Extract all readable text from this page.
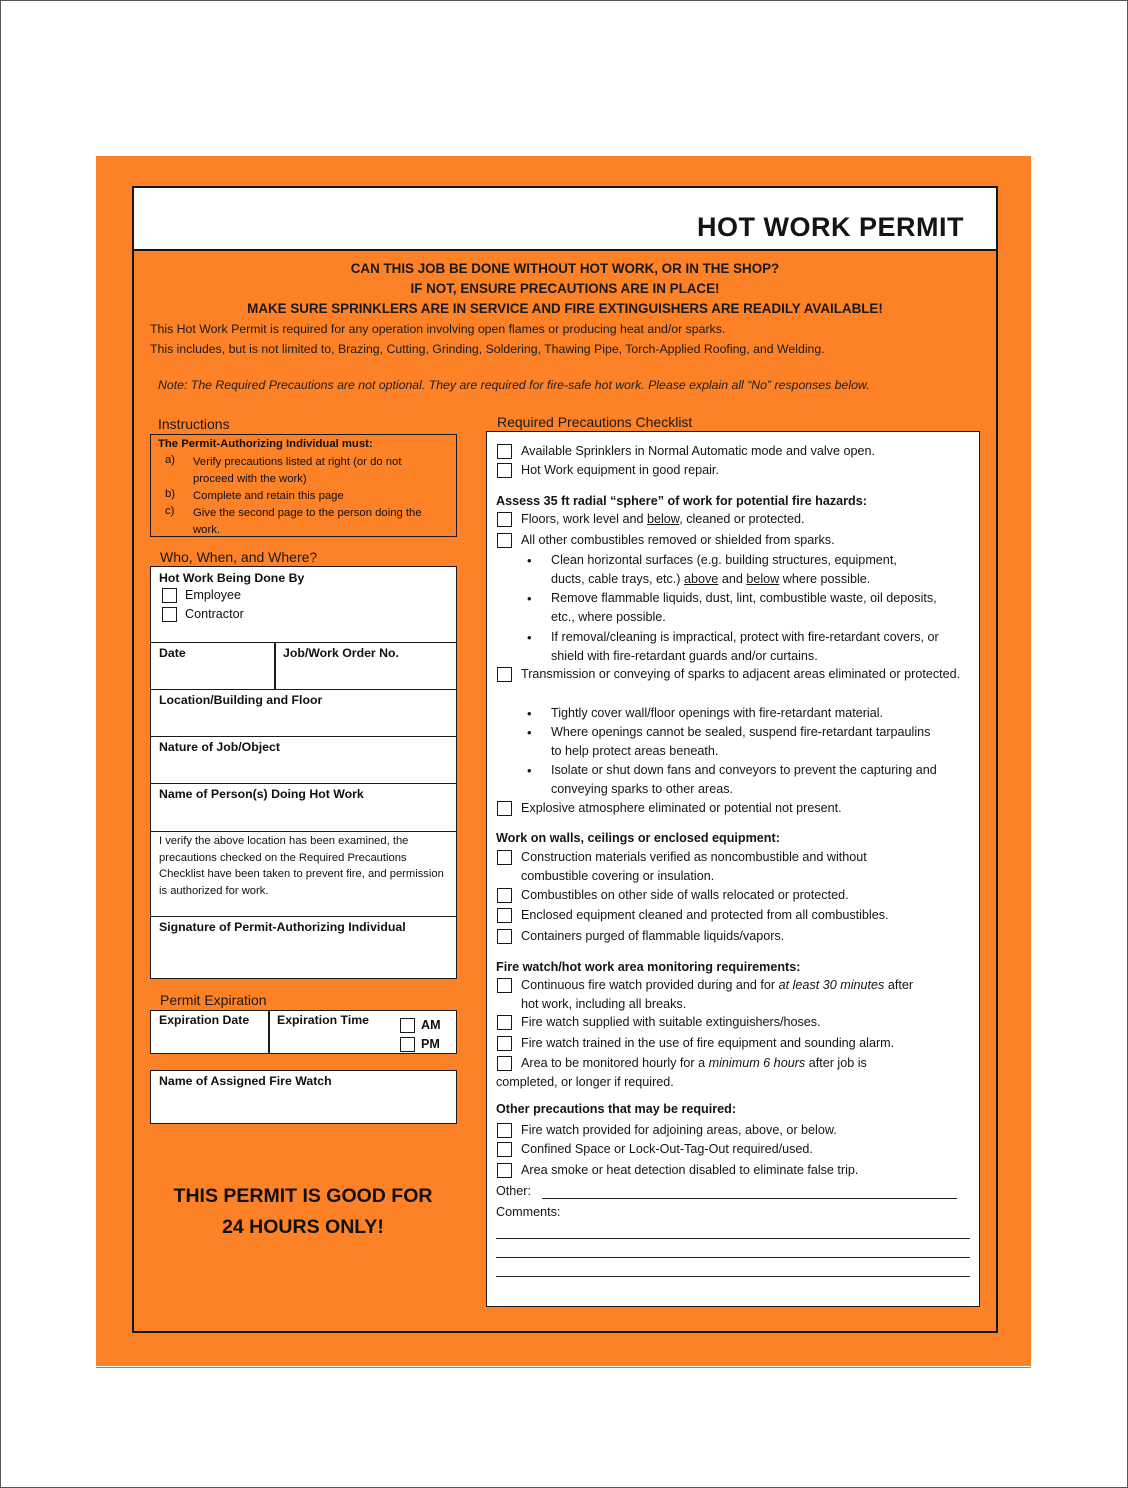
HOT WORK PERMIT
CAN THIS JOB BE DONE WITHOUT HOT WORK, OR IN THE SHOP?
IF NOT, ENSURE PRECAUTIONS ARE IN PLACE!
MAKE SURE SPRINKLERS ARE IN SERVICE AND FIRE EXTINGUISHERS ARE READILY AVAILABLE!
This Hot Work Permit is required for any operation involving open flames or producing heat and/or sparks.
This includes, but is not limited to, Brazing, Cutting, Grinding, Soldering, Thawing Pipe, Torch-Applied Roofing, and Welding.
Note: The Required Precautions are not optional. They are required for fire-safe hot work. Please explain all “No” responses below.
Instructions
The Permit-Authorizing Individual must:
a) Verify precautions listed at right (or do not proceed with the work)
b) Complete and retain this page
c) Give the second page to the person doing the work.
Who, When, and Where?
Hot Work Being Done By
Employee
Contractor
Date	Job/Work Order No.
Location/Building and Floor
Nature of Job/Object
Name of Person(s) Doing Hot Work
I verify the above location has been examined, the precautions checked on the Required Precautions Checklist have been taken to prevent fire, and permission is authorized for work.
Signature of Permit-Authorizing Individual
Permit Expiration
Expiration Date Expiration Time	AM
PM
Name of Assigned Fire Watch
THIS PERMIT IS GOOD FOR
24 HOURS ONLY!
Required Precautions Checklist
Available Sprinklers in Normal Automatic mode and valve open.
Hot Work equipment in good repair.
Assess 35 ft radial “sphere” of work for potential fire hazards:
Floors, work level and below, cleaned or protected.
All other combustibles removed or shielded from sparks.
• Clean horizontal surfaces (e.g. building structures, equipment,
ducts, cable trays, etc.) above and below where possible.
• Remove flammable liquids, dust, lint, combustible waste, oil deposits, etc., where possible.
• If removal/cleaning is impractical, protect with fire-retardant covers, or shield with fire-retardant guards and/or curtains.
Transmission or conveying of sparks to adjacent areas eliminated or protected.
• Tightly cover wall/floor openings with fire-retardant material.
• Where openings cannot be sealed, suspend fire-retardant tarpaulins to help protect areas beneath.
• Isolate or shut down fans and conveyors to prevent the capturing and conveying sparks to other areas.
Explosive atmosphere eliminated or potential not present.
Work on walls, ceilings or enclosed equipment:
Construction materials verified as noncombustible and without combustible covering or insulation.
Combustibles on other side of walls relocated or protected.
Enclosed equipment cleaned and protected from all combustibles.
Containers purged of flammable liquids/vapors.
Fire watch/hot work area monitoring requirements:
Continuous fire watch provided during and for at least 30 minutes after
hot work, including all breaks.
Fire watch supplied with suitable extinguishers/hoses.
Fire watch trained in the use of fire equipment and sounding alarm.
Area to be monitored hourly for a minimum 6 hours after job is
completed, or longer if required.
Other precautions that may be required:
Fire watch provided for adjoining areas, above, or below.
Confined Space or Lock-Out-Tag-Out required/used.
Area smoke or heat detection disabled to eliminate false trip.
Other:
Comments:
